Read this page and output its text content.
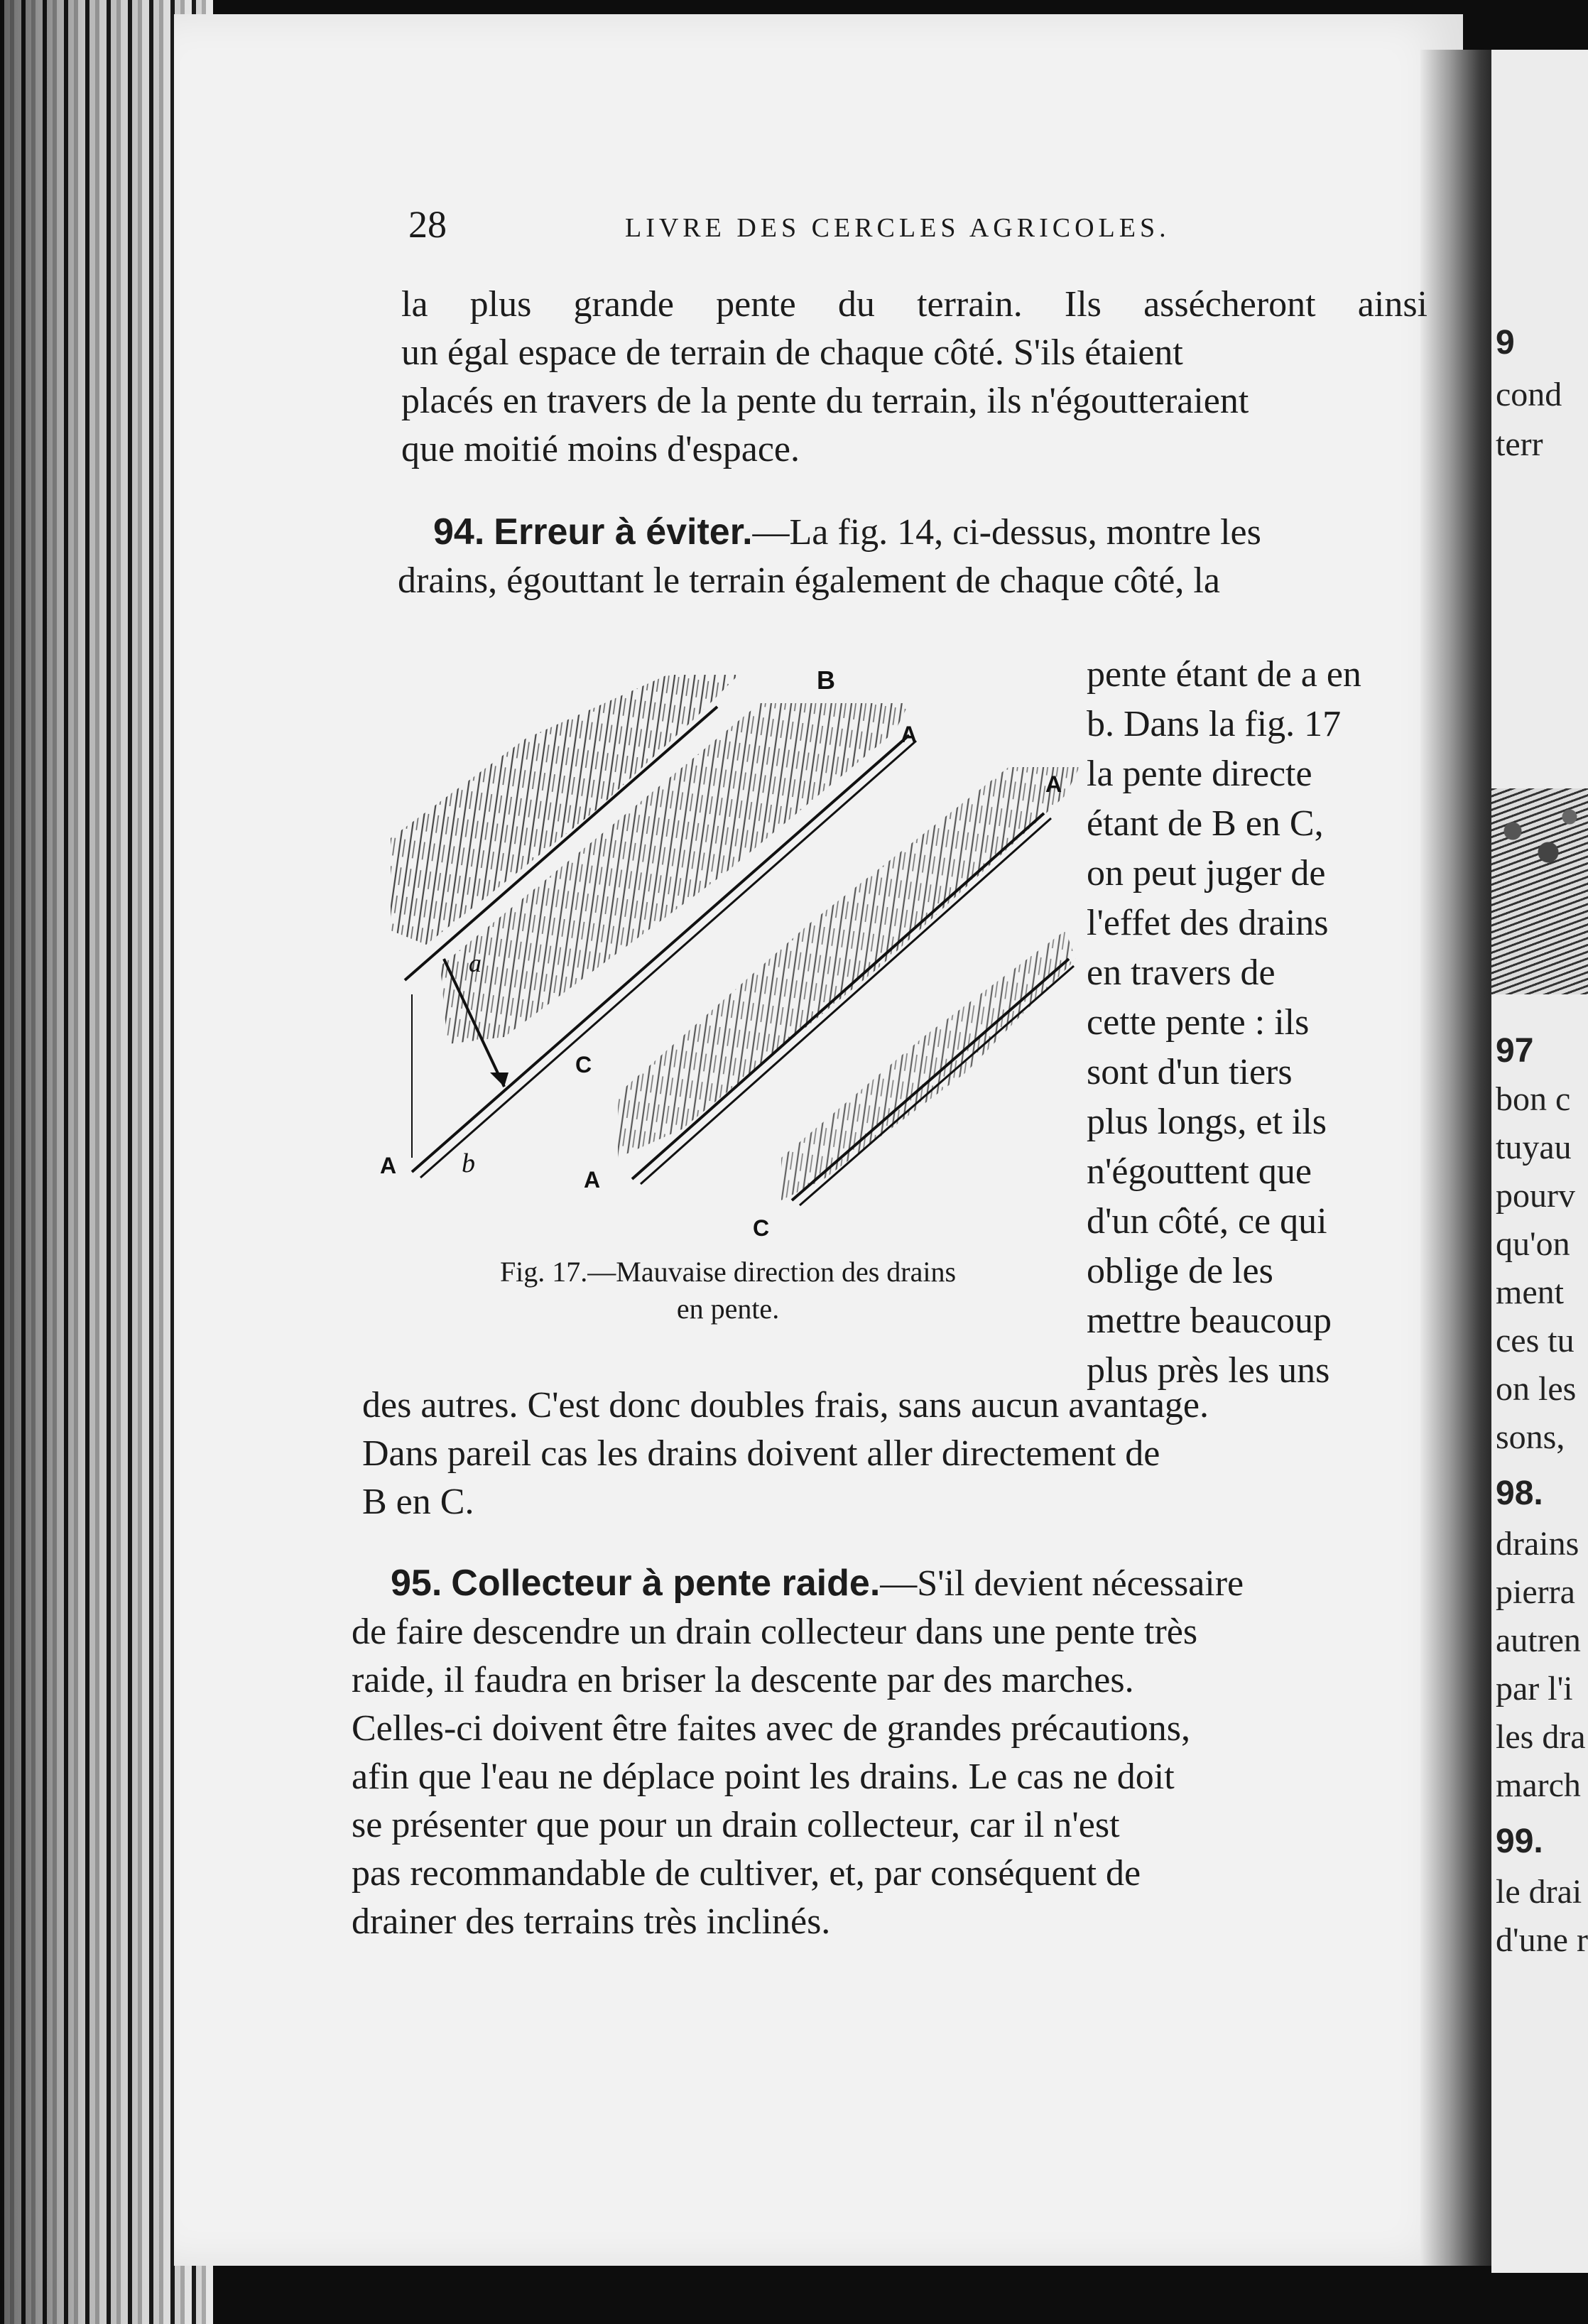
9
cond
terr
97
bon c
tuyau
pourv
qu'on
ment
ces tu
on les
sons,
98.
drains
pierra
autren
par l'i
les dra
march
99.
le drai
d'une r
28	LIVRE DES CERCLES AGRICOLES.
la plus grande pente du terrain. Ils assécheront ainsi
un égal espace de terrain de chaque côté. S'ils étaient
placés en travers de la pente du terrain, ils n'égoutteraient
que moitié moins d'espace.
94. Erreur à éviter.—La fig. 14, ci-dessus, montre les
drains, égouttant le terrain également de chaque côté, la
pente étant de a en
b. Dans la fig. 17
la pente directe
étant de B en C,
on peut juger de
l'effet des drains
en travers de
cette pente : ils
sont d'un tiers
plus longs, et ils
n'égouttent que
d'un côté, ce qui
oblige de les
mettre beaucoup
plus près les uns
B
A
A
a
C
A b
A
C
Fig. 17.—Mauvaise direction des drains
en pente.
des autres. C'est donc doubles frais, sans aucun avantage.
Dans pareil cas les drains doivent aller directement de
B en C.
95. Collecteur à pente raide.—S'il devient nécessaire
de faire descendre un drain collecteur dans une pente très
raide, il faudra en briser la descente par des marches.
Celles-ci doivent être faites avec de grandes précautions,
afin que l'eau ne déplace point les drains. Le cas ne doit
se présenter que pour un drain collecteur, car il n'est
pas recommandable de cultiver, et, par conséquent de
drainer des terrains très inclinés.
